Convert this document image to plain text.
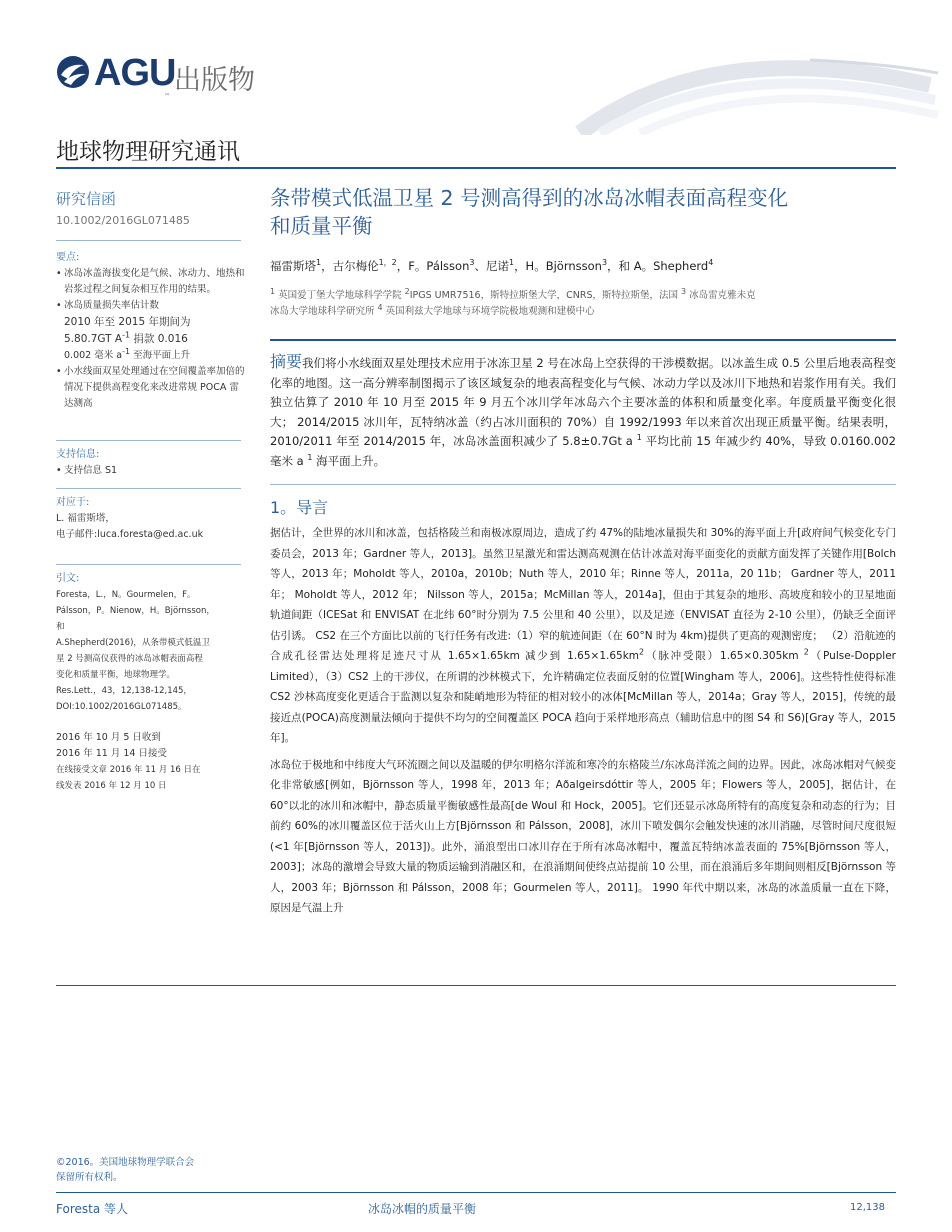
AGU
出版物
™
地球物理研究通讯
研究信函
10.1002/2016GL071485
要点:
• 冰岛冰盖海拔变化是气候、冰动力、地热和岩浆过程之间复杂相互作用的结果。
• 冰岛质量损失率估计数
2010 年至 2015 年期间为
5.80.7GT $A^{-1}$ 捐款 0.016
0.002 毫米 $a^{-1}$ 至海平面上升
• 小水线面双星处理通过在空间覆盖率加倍的情况下提供高程变化来改进常规 POCA 雷达测高
支持信息:
• 支持信息 S1
对应于:
L. 福雷斯塔，
电子邮件:luca.foresta@ed.ac.uk
引文:
Foresta，L.，N。Gourmelen，F。
Pálsson，P。Nienow，H。Björnsson，
和
A.Shepherd(2016)，从条带模式低温卫
星 2 号测高仪获得的冰岛冰帽表面高程
变化和质量平衡，地球物理学。
Res.Lett.，43，12,138-12,145，
DOI:10.1002/2016GL071485。
2016 年 10 月 5 日收到
2016 年 11 月 14 日接受
在线接受文章 2016 年 11 月 16 日在
线发表 2016 年 12 月 10 日
条带模式低温卫星 2 号测高得到的冰岛冰帽表面高程变化
和质量平衡
福雷斯塔$^1$，古尔梅伦$^{1,2}$，F。Pálsson$^3$、尼诺$^1$，H。Björnsson$^3$，和 A。Shepherd$^4$
$^1$ 英国爱丁堡大学地球科学学院 $^2$IPGS UMR7516，斯特拉斯堡大学，CNRS，斯特拉斯堡，法国 $^3$ 冰岛雷克雅未克
冰岛大学地球科学研究所 $^4$ 英国利兹大学地球与环境学院极地观测和建模中心
摘要我们将小水线面双星处理技术应用于冰冻卫星 2 号在冰岛上空获得的干涉模数据。以冰盖生成 0.5 公里后地表高程变化率的地图。这一高分辨率制图揭示了该区域复杂的地表高程变化与气候、冰动力学以及冰川下地热和岩浆作用有关。我们独立估算了 2010 年 10 月至 2015 年 9 月五个冰川学年冰岛六个主要冰盖的体积和质量变化率。年度质量平衡变化很大； 2014/2015 冰川年，瓦特纳冰盖（约占冰川面积的 70%）自 1992/1993 年以来首次出现正质量平衡。结果表明，2010/2011 年至 2014/2015 年，冰岛冰盖面积减少了 5.8±0.7Gt a $^1$ 平均比前 15 年减少约 40%，导致 0.0160.002 毫米 a $^1$ 海平面上升。
1。导言

据估计，全世界的冰川和冰盖，包括格陵兰和南极冰原周边，造成了约 47%的陆地冰量损失和 30%的海平面上升[政府间气候变化专门委员会，2013 年；Gardner 等人，2013]。虽然卫星激光和雷达测高观测在估计冰盖对海平面变化的贡献方面发挥了关键作用[Bolch 等人，2013 年；Moholdt 等人，2010a，2010b；Nuth 等人，2010 年；Rinne 等人，2011a，20 11b； Gardner 等人，2011 年； Moholdt 等人，2012 年； Nilsson 等人，2015a；McMillan 等人，2014a]，但由于其复杂的地形、高坡度和较小的卫星地面轨道间距（ICESat 和 ENVISAT 在北纬 60°时分别为 7.5 公里和 40 公里），以及足迹（ENVISAT 直径为 2-10 公里），仍缺乏全面评估引诱。 CS2 在三个方面比以前的飞行任务有改进:（1）窄的航迹间距（在 60°N 时为 4km)提供了更高的观测密度； （2）沿航迹的合成孔径雷达处理将足迹尺寸从 1.65×1.65km 减少到 $1.65\times 1.65km^2$（脉冲受限）1.65×0.305km $^2$（Pulse-Doppler Limited），（3）CS2 上的干涉仪，在所谓的沙林模式下，允许精确定位表面反射的位置[Wingham 等人，2006]。这些特性使得标准 CS2 沙林高度变化更适合于监测以复杂和陡峭地形为特征的相对较小的冰体[McMillan 等人，2014a；Gray 等人，2015]，传统的最接近点(POCA)高度测量法倾向于提供不均匀的空间覆盖区 POCA 趋向于采样地形高点（辅助信息中的图 S4 和 S6)[Gray 等人，2015 年]。

冰岛位于极地和中纬度大气环流圈之间以及温暖的伊尔明格尔洋流和寒冷的东格陵兰/东冰岛洋流之间的边界。因此，冰岛冰帽对气候变化非常敏感[例如，Björnsson 等人，1998 年，2013 年；Aðalgeirsdóttir 等人，2005 年；Flowers 等人，2005]，据估计，在 60°以北的冰川和冰帽中，静态质量平衡敏感性最高[de Woul 和 Hock，2005]。它们还显示冰岛所特有的高度复杂和动态的行为；目前约 60%的冰川覆盖区位于活火山上方[Björnsson 和 Pálsson，2008]，冰川下喷发偶尔会触发快速的冰川消融，尽管时间尺度很短(<1 年[Björnsson 等人，2013])。此外，涌浪型出口冰川存在于所有冰岛冰帽中，覆盖瓦特纳冰盖表面的 75%[Björnsson 等人，2003]；冰岛的激增会导致大量的物质运输到消融区和，在浪涌期间使终点站提前 10 公里，而在浪涌后多年期间则相反[Björnsson 等人，2003 年；Björnsson 和 Pálsson，2008 年；Gourmelen 等人，2011]。 1990 年代中期以来，冰岛的冰盖质量一直在下降，原因是气温上升

©2016。美国地球物理学联合会
保留所有权利。
Foresta 等人	冰岛冰帽的质量平衡	12,138
